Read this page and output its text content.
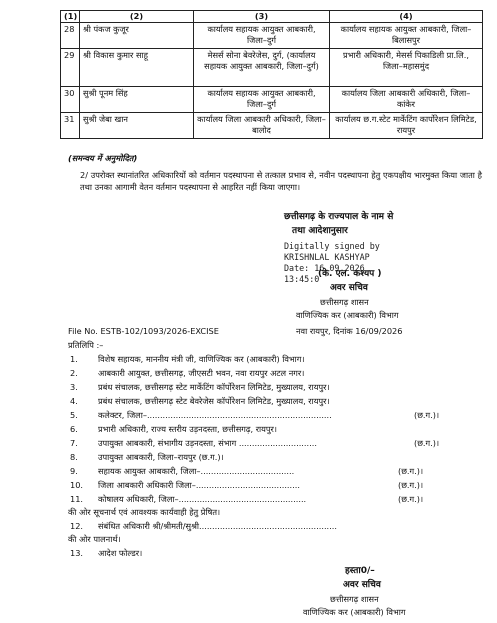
(1)	(2)	(3)	(4)
28	श्री पंकज कुजूर	कार्यालय सहायक आयुक्त आबकारी, जिला–दुर्ग	कार्यालय सहायक आयुक्त आबकारी, जिला–बिलासपुर
29	श्री विकास कुमार साहू	मेसर्स सोना बेवरेजेस, दुर्ग, (कार्यालय सहायक आयुक्त आबकारी, जिला–दुर्ग)	प्रभारी अधिकारी, मेसर्स पिकाडिली प्रा.लि., जिला–महासमुंद
30	सुश्री पूनम सिंह	कार्यालय सहायक आयुक्त आबकारी, जिला–दुर्ग	कार्यालय जिला आबकारी अधिकारी, जिला–कांकेर
31	सुश्री जेबा खान	कार्यालय जिला आबकारी अधिकारी, जिला–बालोद	कार्यालय छ.ग.स्टेट मार्केटिंग कार्पोरेशन लिमिटेड, रायपुर
(समन्वय में अनुमोदित)
2/ उपरोक्त स्थानांतरित अधिकारियों को वर्तमान पदस्थापना से तत्काल प्रभाव से, नवीन पदस्थापना हेतु एकपक्षीय भारमुक्त किया जाता है तथा उनका आगामी वेतन वर्तमान पदस्थापना से आहरित नहीं किया जाएगा।
छत्तीसगढ़ के राज्यपाल के नाम से
तथा आदेशानुसार
Digitally signed by
KRISHNLAL KASHYAP
Date: 16.09.2026
13:45:0
(के. एल. कश्यप )
अवर सचिव
छत्तीसगढ़ शासन
वाणिज्यिक कर (आबकारी) विभाग
File No. ESTB-102/1093/2026-EXCISE	नवा रायपुर, दिनांक 16/09/2026
प्रतिलिपि :–
1. विशेष सहायक, माननीय मंत्री जी, वाणिज्यिक कर (आबकारी) विभाग।
2. आबकारी आयुक्त, छत्तीसगढ़, जीएसटी भवन, नवा रायपुर अटल नगर।
3. प्रबंध संचालक, छत्तीसगढ़ स्टेट मार्केटिंग कॉर्पोरेशन लिमिटेड, मुख्यालय, रायपुर।
4. प्रबंध संचालक, छत्तीसगढ़ स्टेट बेवरेजेस कॉर्पोरेशन लिमिटेड, मुख्यालय, रायपुर।
5. कलेक्टर, जिला–.......................................................................	(छ.ग.)।
6. प्रभारी अधिकारी, राज्य स्तरीय उड़नदस्ता, छत्तीसगढ़, रायपुर।
7. उपायुक्त आबकारी, संभागीय उड़नदस्ता, संभाग ..............................	(छ.ग.)।
8. उपायुक्त आबकारी, जिला–रायपुर (छ.ग.)।
9. सहायक आयुक्त आबकारी, जिला–....................................	(छ.ग.)।
10. जिला आबकारी अधिकारी जिला–........................................	(छ.ग.)।
11. कोषालय अधिकारी, जिला–.................................................	(छ.ग.)।
की ओर सूचनार्थ एवं आवश्यक कार्यवाही हेतु प्रेषित।
12. संबंधित अधिकारी श्री/श्रीमती/सुश्री.....................................................
की ओर पालनार्थ।
13. आदेश फोल्डर।
हस्ता0/–
अवर सचिव
छत्तीसगढ़ शासन
वाणिज्यिक कर (आबकारी) विभाग
